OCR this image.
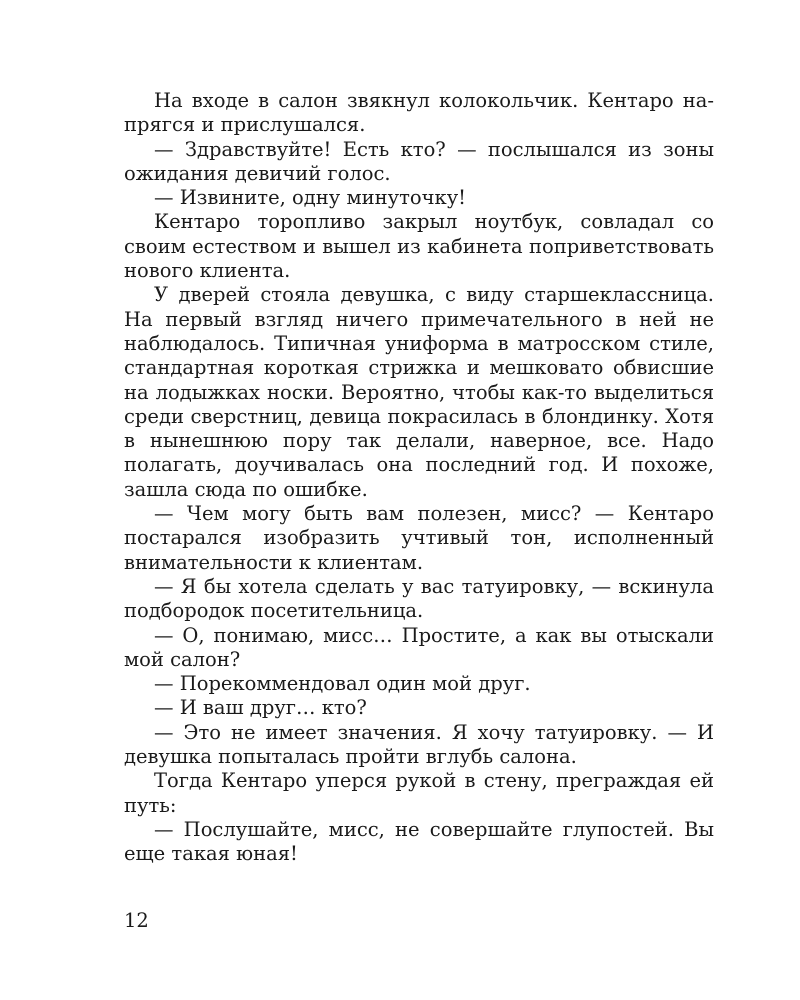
На входе в салон звякнул колокольчик. Кентаро напрягся и прислушался.

— Здравствуйте! Есть кто? — послышался из зоны ожидания девичий голос.

— Извините, одну минуточку!

Кентаро торопливо закрыл ноутбук, совладал со своим естеством и вышел из кабинета поприветствовать нового клиента.

У дверей стояла девушка, с виду старшеклассница. На первый взгляд ничего примечательного в ней не наблюдалось. Типичная униформа в матросском стиле, стандартная короткая стрижка и мешковато обвисшие на лодыжках носки. Вероятно, чтобы как-то выделиться среди сверстниц, девица покрасилась в блондинку. Хотя в нынешнюю пору так делали, наверное, все. Надо полагать, доучивалась она последний год. И похоже, зашла сюда по ошибке.

— Чем могу быть вам полезен, мисс? — Кентаро постарался изобразить учтивый тон, исполненный внимательности к клиентам.

— Я бы хотела сделать у вас татуировку, — вскинула подбородок посетительница.

— О, понимаю, мисс… Простите, а как вы отыскали мой салон?

— Порекоммендовал один мой друг.

— И ваш друг… кто?

— Это не имеет значения. Я хочу татуировку. — И девушка попыталась пройти вглубь салона.

Тогда Кентаро уперся рукой в стену, преграждая ей путь:

— Послушайте, мисс, не совершайте глупостей. Вы еще такая юная!

12
